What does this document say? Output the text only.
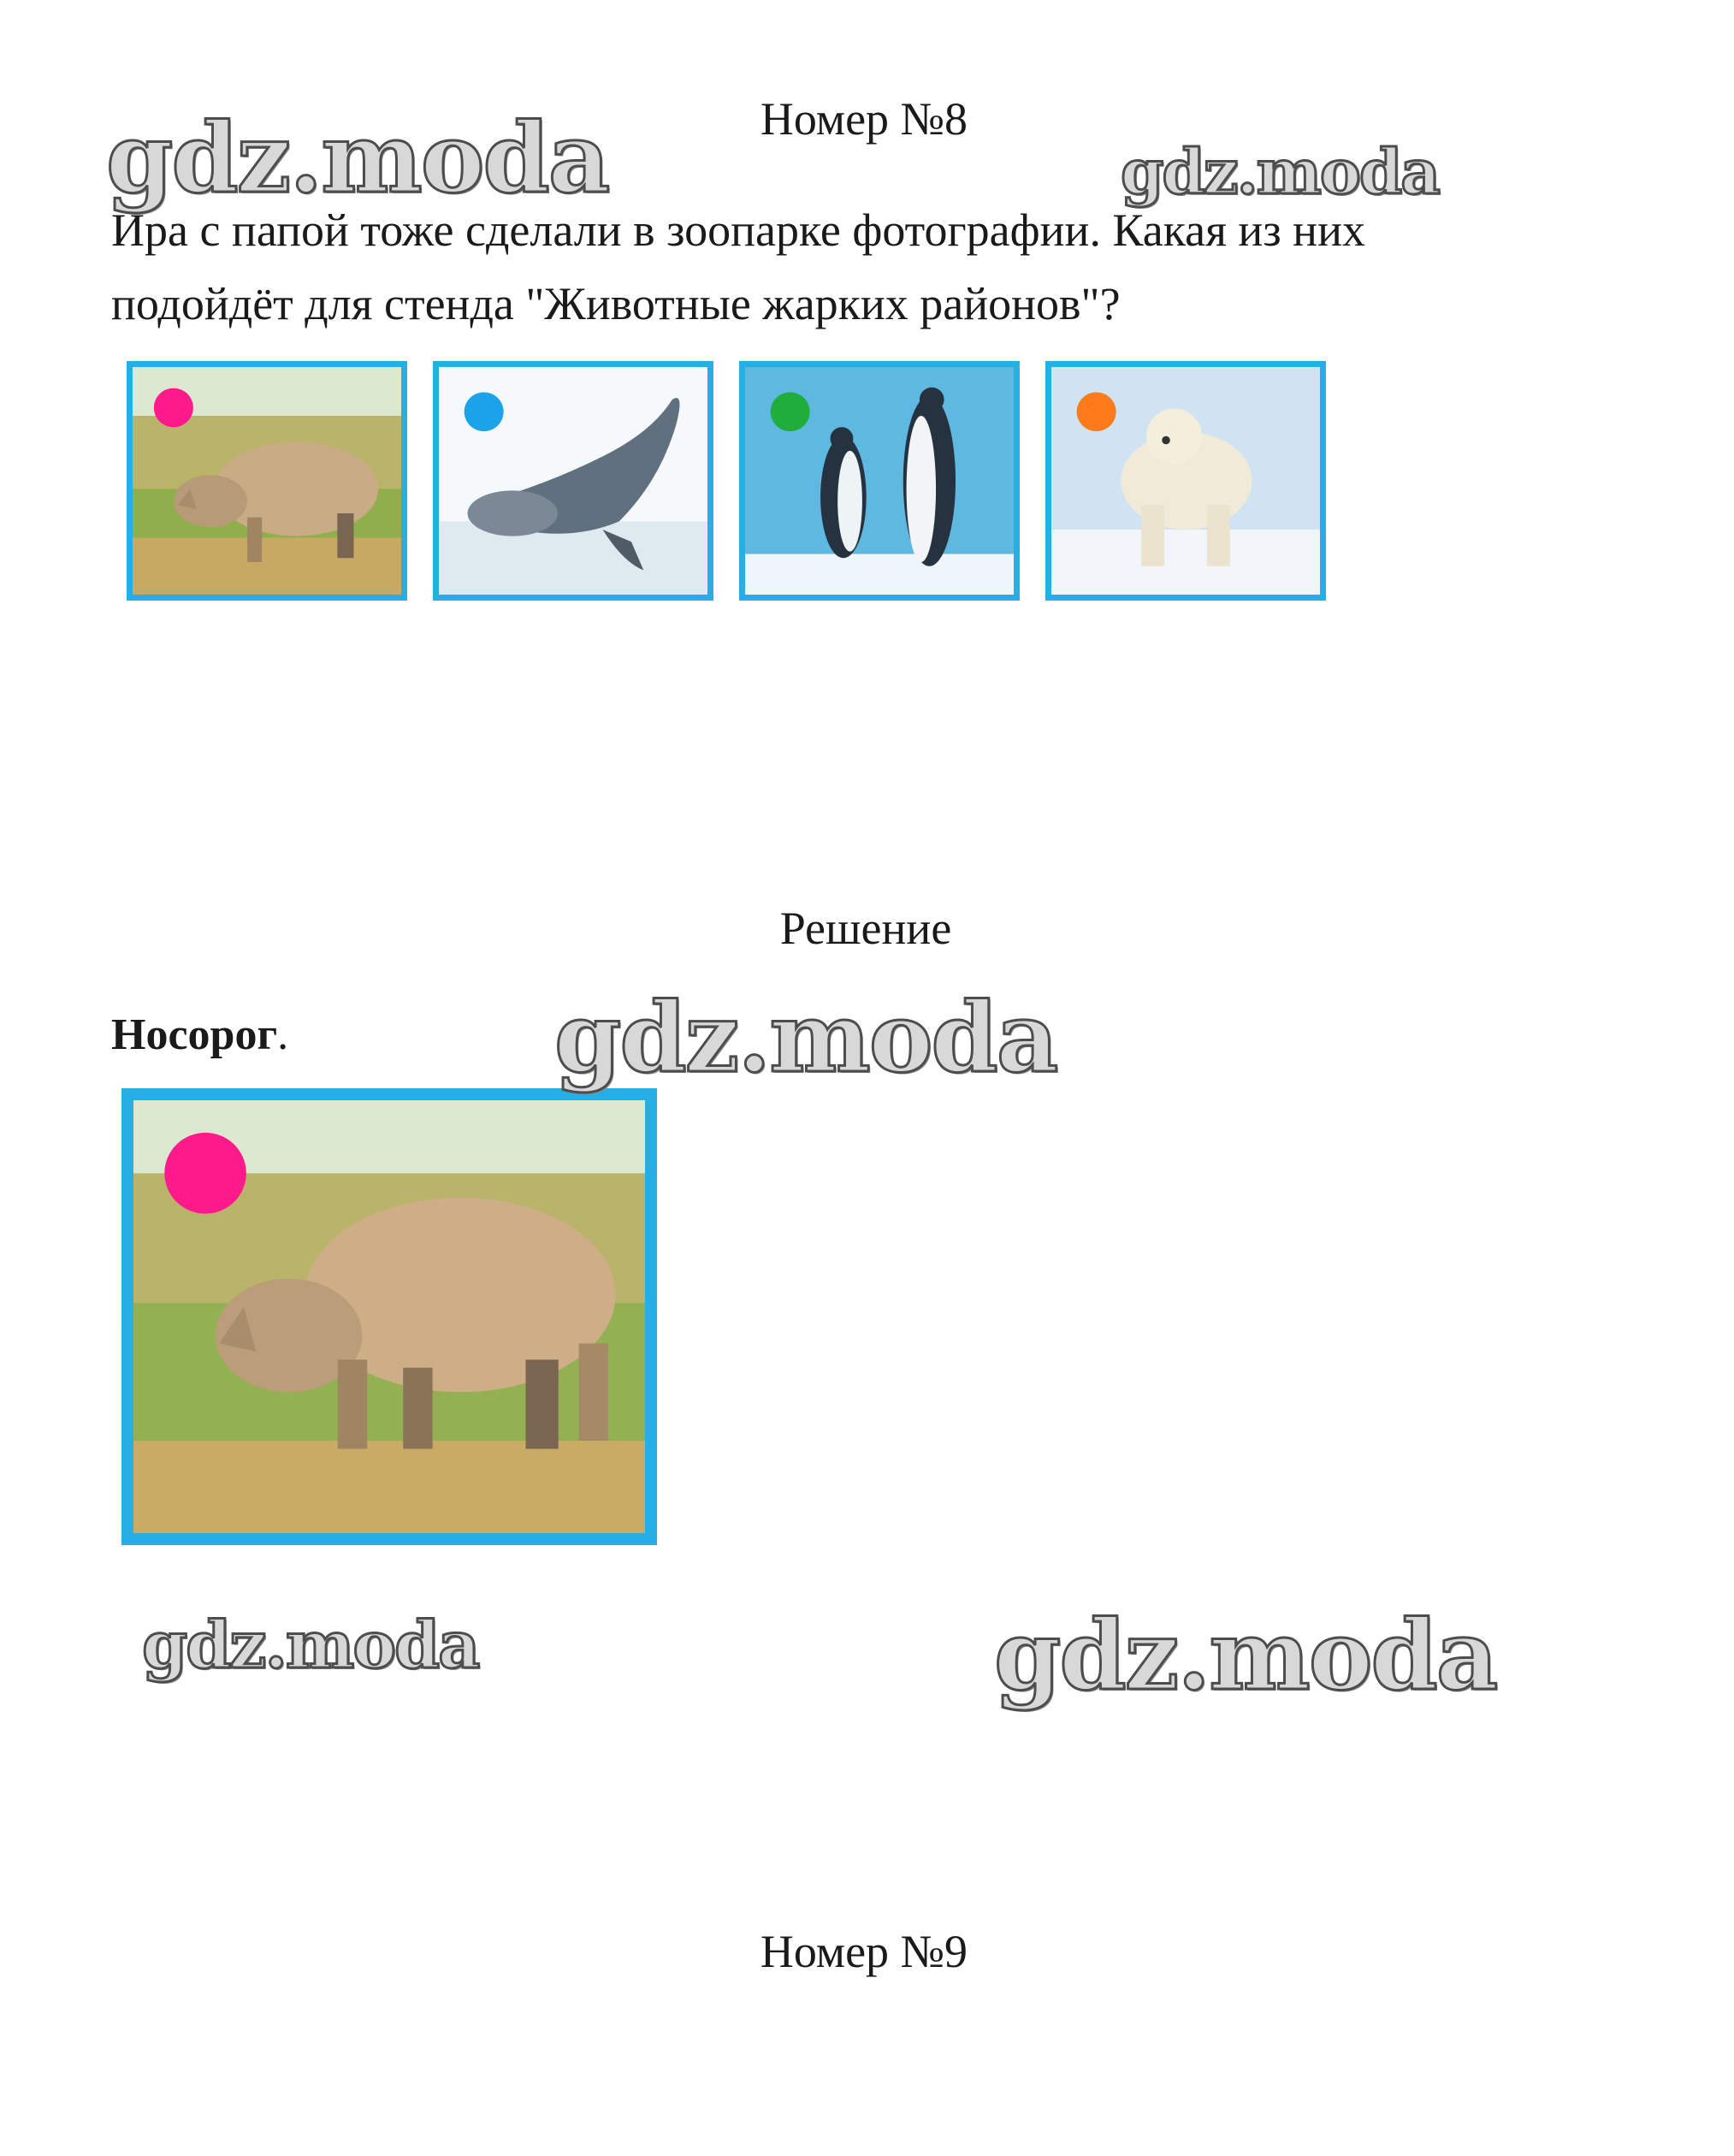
Номер №8
Ира с папой тоже сделали в зоопарке фотографии. Какая из них
подойдёт для стенда "Животные жарких районов"?
Решение
Носорог.
Номер №9
gdz.moda	gdz.moda
gdz.moda
gdz.moda	gdz.moda
